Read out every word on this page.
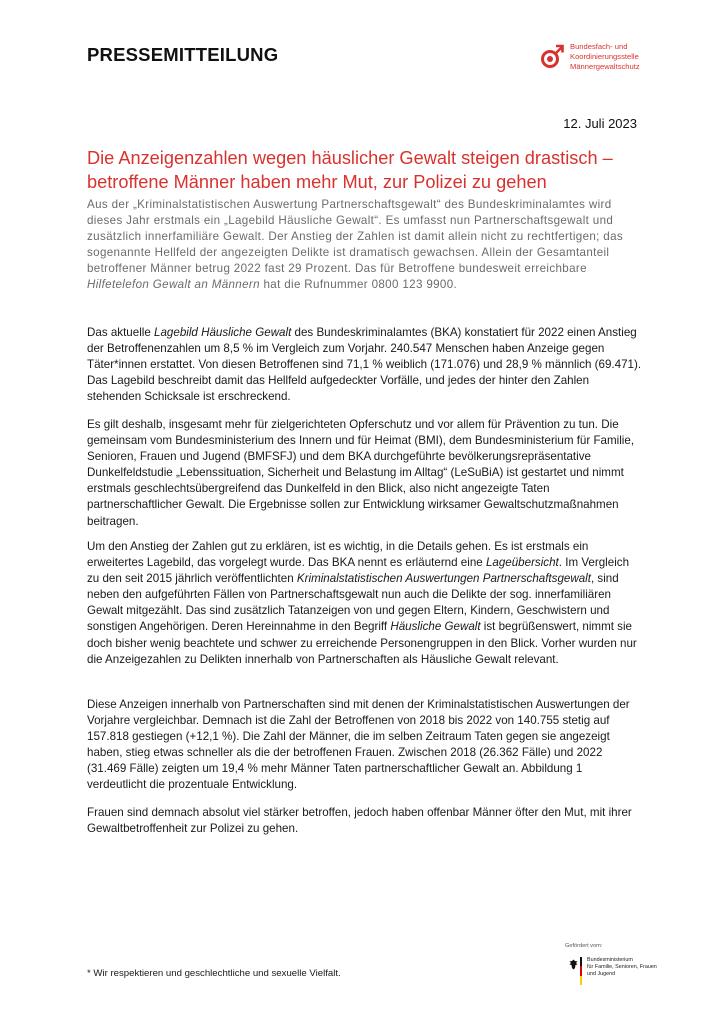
PRESSEMITTEILUNG	Bundesfach- und
Koordinierungsstelle
Männergewaltschutz
12. Juli 2023
Die Anzeigenzahlen wegen häuslicher Gewalt steigen drastisch – betroffene Männer haben mehr Mut, zur Polizei zu gehen
Aus der „Kriminalstatistischen Auswertung Partnerschaftsgewalt“ des Bundeskriminalamtes wird dieses Jahr erstmals ein „Lagebild Häusliche Gewalt“. Es umfasst nun Partnerschaftsgewalt und zusätzlich innerfamiliäre Gewalt. Der Anstieg der Zahlen ist damit allein nicht zu rechtfertigen; das sogenannte Hellfeld der angezeigten Delikte ist dramatisch gewachsen. Allein der Gesamtanteil betroffener Männer betrug 2022 fast 29 Prozent. Das für Betroffene bundesweit erreichbare Hilfetelefon Gewalt an Männern hat die Rufnummer 0800 123 9900.
Das aktuelle Lagebild Häusliche Gewalt des Bundeskriminalamtes (BKA) konstatiert für 2022 einen Anstieg der Betroffenenzahlen um 8,5 % im Vergleich zum Vorjahr. 240.547 Menschen haben Anzeige gegen Täter*innen erstattet. Von diesen Betroffenen sind 71,1 % weiblich (171.076) und 28,9 % männlich (69.471). Das Lagebild beschreibt damit das Hellfeld aufgedeckter Vorfälle, und jedes der hinter den Zahlen stehenden Schicksale ist erschreckend.
Es gilt deshalb, insgesamt mehr für zielgerichteten Opferschutz und vor allem für Prävention zu tun. Die gemeinsam vom Bundesministerium des Innern und für Heimat (BMI), dem Bundesministerium für Familie, Senioren, Frauen und Jugend (BMFSFJ) und dem BKA durchgeführte bevölkerungsrepräsentative Dunkelfeldstudie „Lebenssituation, Sicherheit und Belastung im Alltag“ (LeSuBiA) ist gestartet und nimmt erstmals geschlechtsübergreifend das Dunkelfeld in den Blick, also nicht angezeigte Taten partnerschaftlicher Gewalt. Die Ergebnisse sollen zur Entwicklung wirksamer Gewaltschutzmaßnahmen beitragen.
Um den Anstieg der Zahlen gut zu erklären, ist es wichtig, in die Details gehen. Es ist erstmals ein erweitertes Lagebild, das vorgelegt wurde. Das BKA nennt es erläuternd eine Lageübersicht. Im Vergleich zu den seit 2015 jährlich veröffentlichten Kriminalstatistischen Auswertungen Partnerschaftsgewalt, sind neben den aufgeführten Fällen von Partnerschaftsgewalt nun auch die Delikte der sog. innerfamiliären Gewalt mitgezählt. Das sind zusätzlich Tatanzeigen von und gegen Eltern, Kindern, Geschwistern und sonstigen Angehörigen. Deren Hereinnahme in den Begriff Häusliche Gewalt ist begrüßenswert, nimmt sie doch bisher wenig beachtete und schwer zu erreichende Personengruppen in den Blick. Vorher wurden nur die Anzeigezahlen zu Delikten innerhalb von Partnerschaften als Häusliche Gewalt relevant.
Diese Anzeigen innerhalb von Partnerschaften sind mit denen der Kriminalstatistischen Auswertungen der Vorjahre vergleichbar. Demnach ist die Zahl der Betroffenen von 2018 bis 2022 von 140.755 stetig auf 157.818 gestiegen (+12,1 %). Die Zahl der Männer, die im selben Zeitraum Taten gegen sie angezeigt haben, stieg etwas schneller als die der betroffenen Frauen. Zwischen 2018 (26.362 Fälle) und 2022 (31.469 Fälle) zeigten um 19,4 % mehr Männer Taten partnerschaftlicher Gewalt an. Abbildung 1 verdeutlicht die prozentuale Entwicklung.
Frauen sind demnach absolut viel stärker betroffen, jedoch haben offenbar Männer öfter den Mut, mit ihrer Gewaltbetroffenheit zur Polizei zu gehen.
Gefördert vom:
Bundesministerium
für Familie, Senioren, Frauen
und Jugend
* Wir respektieren und geschlechtliche und sexuelle Vielfalt.
